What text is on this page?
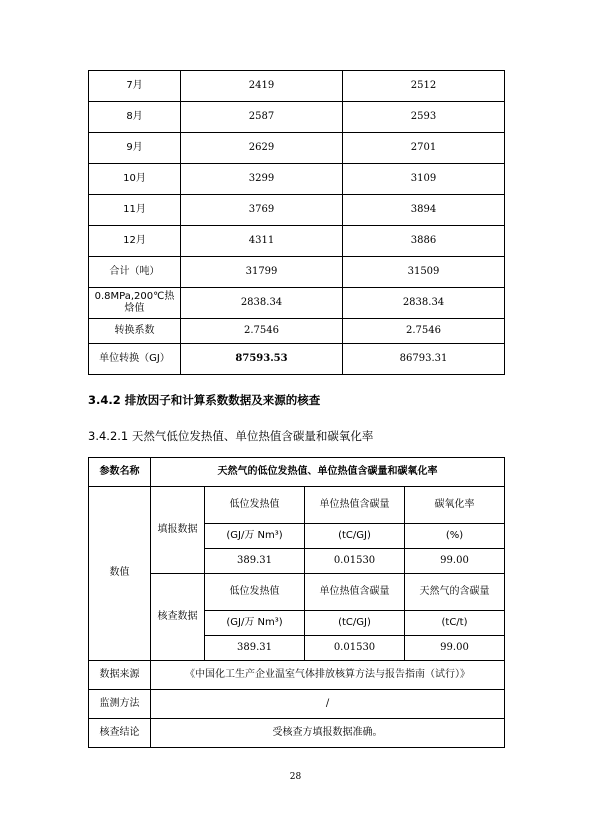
7月	2419	2512
8月	2587	2593
9月	2629	2701
10月	3299	3109
11月	3769	3894
12月	4311	3886
合计（吨）	31799	31509
0.8MPa,200℃热焓值	2838.34	2838.34
转换系数	2.7546	2.7546
单位转换（GJ）	87593.53	86793.31
3.4.2 排放因子和计算系数数据及来源的核查
3.4.2.1 天然气低位发热值、单位热值含碳量和碳氧化率
参数名称	天然气的低位发热值、单位热值含碳量和碳氧化率			
数值	填报数据	低位发热值	单位热值含碳量	碳氧化率
		(GJ/万 Nm³)	(tC/GJ)	(%)
		389.31	0.01530	99.00
	核查数据	低位发热值	单位热值含碳量	天然气的含碳量
		(GJ/万 Nm³)	(tC/GJ)	(tC/t)
		389.31	0.01530	99.00
数据来源	《中国化工生产企业温室气体排放核算方法与报告指南（试行）》			
监测方法	/			
核查结论	受核查方填报数据准确。			
28
